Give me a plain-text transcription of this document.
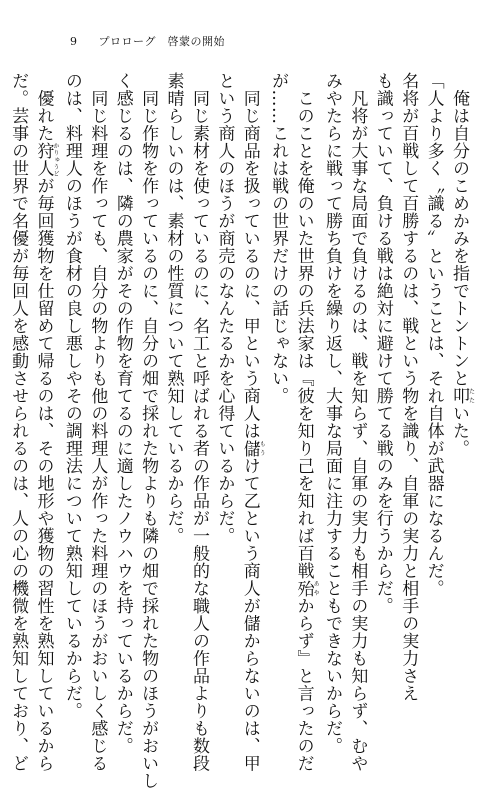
9 プロローグ　啓蒙の開始

　俺は自分のこめかみを指でトントンと叩たたいた。

「人より多く〝識る〟ということは、それ自体が武器になるんだ。

名将が百戦して百勝するのは、戦という物を識り、自軍の実力と相手の実力さえ

も識っていて、負ける戦は絶対に避けて勝てる戦のみを行うからだ。

　凡将が大事な局面で負けるのは、戦を知らず、自軍の実力も相手の実力も知らず、むや

みやたらに戦って勝ち負けを繰り返し、大事な局面に注力することもできないからだ。

　このことを俺のいた世界の兵法家は『彼を知り己を知れば百戦殆あやからず』と言ったのだ

が……これは戦の世界だけの話じゃない。

　同じ商品を扱っているのに、甲という商人は儲もうけて乙という商人が儲からないのは、甲

という商人のほうが商売のなんたるかを心得ているからだ。

　同じ素材を使っているのに、名工と呼ばれる者の作品が一般的な職人の作品よりも数段

素晴らしいのは、素材の性質について熟知しているからだ。

　同じ作物を作っているのに、自分の畑で採れた物よりも隣の畑で採れた物のほうがおいし

く感じるのは、隣の農家がその作物を育てるのに適したノウハウを持っているからだ。

　同じ料理を作っても、自分の物よりも他の料理人が作った料理のほうがおいしく感じる

のは、料理人のほうが食材の良し悪しやその調理法について熟知しているからだ。

　優れた狩人かりゅうどが毎回獲物を仕留めて帰るのは、その地形や獲物の習性を熟知しているから

だ。芸事の世界で名優が毎回人を感動させられるのは、人の心の機微を熟知しており、ど
